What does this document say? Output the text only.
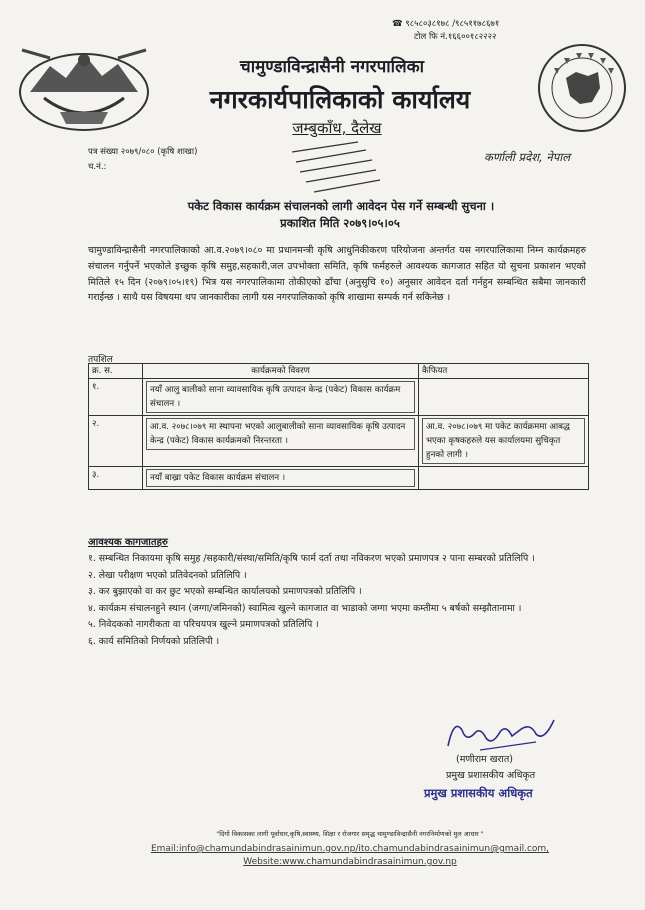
☎ ९८५८०३८१७८ /९८५११७८६७१
टोल फि नं.१६६००१८२२२२
चामुण्डाविन्द्रासैनी नगरपालिका
नगरकार्यपालिकाको कार्यालय
जम्बुकाँध, दैलेख
पत्र संख्या २०७९/०८० (कृषि शाखा)
च.नं.:
कर्णाली प्रदेश, नेपाल
पकेट विकास कार्यक्रम संचालनको लागी आवेदन पेस गर्ने सम्बन्धी सुचना ।
प्रकाशित मिति २०७९।०५।०५
चामुण्डाविन्द्रासैनी नगरपालिकाको आ.व.२०७९।०८० मा प्रधानमन्त्री कृषि आधुनिकीकरण परियोजना अन्तर्गत यस नगरपालिकामा निम्न कार्यक्रमहरु संचालन गर्नुपर्ने भएकोले इच्छुक कृषि समुह,सहकारी,जल उपभोक्ता समिति, कृषि फर्महरुले आवश्यक कागजात सहित यो सुचना प्रकाशन भएको मितिले १५ दिन (२०७९।०५।१९) भित्र यस नगरपालिकामा तोकीएको ढाँचा (अनुसुचि १०) अनुसार आवेदन दर्ता गर्नहुन सम्बन्धित सबैमा जानकारी गराईन्छ । साथै यस विषयमा थप जानकारीका लागी यस नगरपालिकाको कृषि शाखामा सम्पर्क गर्न सकिनेछ ।
तपशिल
क्र. स.	कार्यक्रमको विवरण	कैफियत
१.	नयाँ आलु बालीको साना व्यावसायिक कृषि उत्पादन केन्द्र (पकेट) विकास कार्यक्रम संचालन ।	

२.	आ.व. २०७८।०७९ मा स्थापना भएको आलुबालीको साना व्यावसायिक कृषि उत्पादन केन्द्र (पकेट) विकास कार्यक्रमको निरन्तरता ।	आ.व. २०७८।०७९ मा पकेट कार्यक्रममा आबद्ध भएका कृषकहरुले यस कार्यालयमा सुचिकृत हुनको लागी ।

३.	नयाँ बाख्रा पकेट विकास कार्यक्रम संचालन ।	

आवश्यक कागजातहरु
१. सम्बन्धित निकायमा कृषि समुह /सहकारी/संस्था/समिति/कृषि फार्म दर्ता तथा नविकरण भएको प्रमाणपत्र २ पाना सम्बरको प्रतिलिपि ।
२. लेखा परीक्षण भएको प्रतिवेदनको प्रतिलिपि ।
३. कर बुझाएको वा कर छुट भएको सम्बन्धित कार्यालयको प्रमाणपत्रको प्रतिलिपि ।
४. कार्यक्रम संचालनहुने स्थान (जग्गा/जमिनको) स्वामित्व खुल्ने कागजात वा भाडाको जग्गा भएमा कम्तीमा ५ बर्षको सम्झौतानामा ।
५. निवेदकको नागरीकता वा परिचयपत्र खुल्ने प्रमाणपत्रको प्रतिलिपि ।
६. कार्य समितिको निर्णयको प्रतिलिपी ।
(मणीराम खरात)
प्रमुख प्रशासकीय अधिकृत
प्रमुख प्रशासकीय अधिकृत
"दिगो विकासका लागी पूर्वाधार,कृषि,स्वास्थ्य, शिक्षा र रोजगार समृद्ध चामुण्डाविन्द्रासैनी नगरनिर्माणको मुल आधार "
Email:info@chamundabindrasainimun.gov.np/ito.chamundabindrasainimun@gmail.com,
Website:www.chamundabindrasainimun.gov.np
